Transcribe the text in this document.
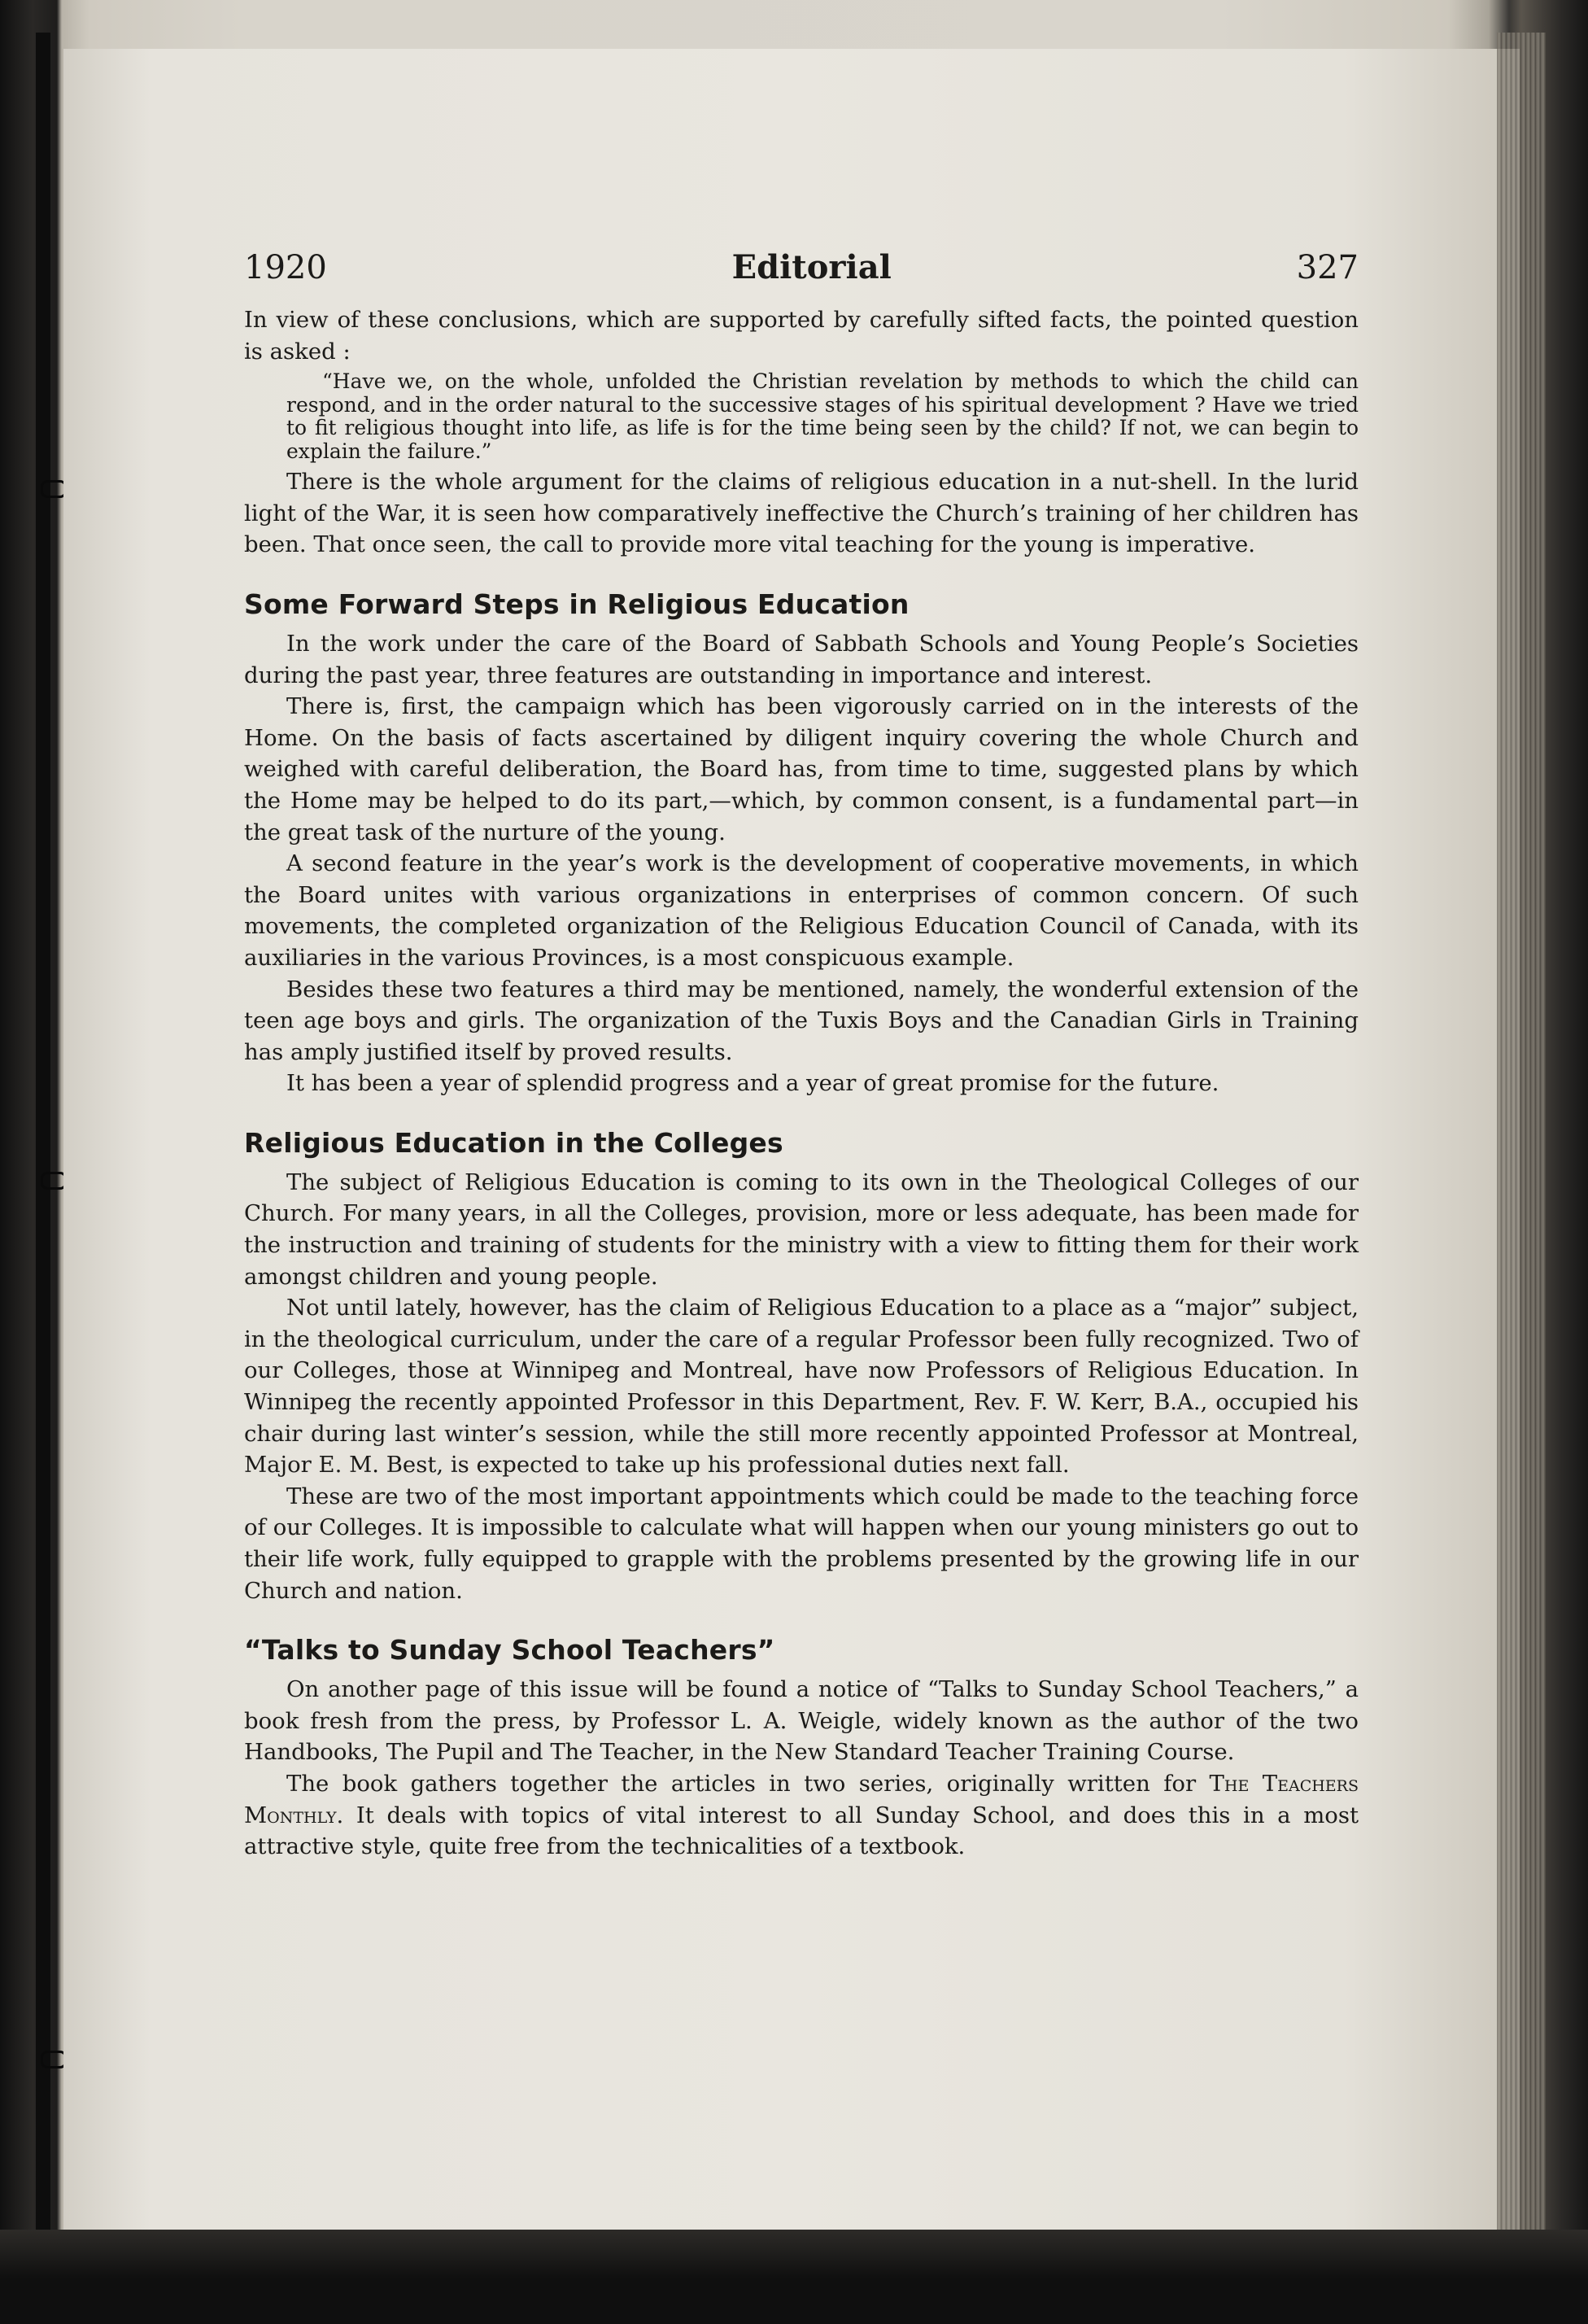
1920	Editorial	327

In view of these conclusions, which are supported by carefully sifted facts, the pointed question is asked :

“Have we, on the whole, unfolded the Christian revelation by methods to which the child can respond, and in the order natural to the successive stages of his spiritual development ? Have we tried to fit religious thought into life, as life is for the time being seen by the child? If not, we can begin to explain the failure.”

There is the whole argument for the claims of religious education in a nut-shell. In the lurid light of the War, it is seen how comparatively ineffective the Church’s training of her children has been. That once seen, the call to provide more vital teaching for the young is imperative.

Some Forward Steps in Religious Education

In the work under the care of the Board of Sabbath Schools and Young People’s Societies during the past year, three features are outstanding in importance and interest.

There is, first, the campaign which has been vigorously carried on in the interests of the Home. On the basis of facts ascertained by diligent inquiry covering the whole Church and weighed with careful deliberation, the Board has, from time to time, suggested plans by which the Home may be helped to do its part,—which, by common consent, is a fundamental part—in the great task of the nurture of the young.

A second feature in the year’s work is the development of cooperative movements, in which the Board unites with various organizations in enterprises of common concern. Of such movements, the completed organization of the Religious Education Council of Canada, with its auxiliaries in the various Provinces, is a most conspicuous example.

Besides these two features a third may be mentioned, namely, the wonderful extension of the teen age boys and girls. The organization of the Tuxis Boys and the Canadian Girls in Training has amply justified itself by proved results.

It has been a year of splendid progress and a year of great promise for the future.

Religious Education in the Colleges

The subject of Religious Education is coming to its own in the Theological Colleges of our Church. For many years, in all the Colleges, provision, more or less adequate, has been made for the instruction and training of students for the ministry with a view to fitting them for their work amongst children and young people.

Not until lately, however, has the claim of Religious Education to a place as a “major” subject, in the theological curriculum, under the care of a regular Professor been fully recognized. Two of our Colleges, those at Winnipeg and Montreal, have now Professors of Religious Education. In Winnipeg the recently appointed Professor in this Department, Rev. F. W. Kerr, B.A., occupied his chair during last winter’s session, while the still more recently appointed Professor at Montreal, Major E. M. Best, is expected to take up his professional duties next fall.

These are two of the most important appointments which could be made to the teaching force of our Colleges. It is impossible to calculate what will happen when our young ministers go out to their life work, fully equipped to grapple with the problems presented by the growing life in our Church and nation.

“Talks to Sunday School Teachers”

On another page of this issue will be found a notice of “Talks to Sunday School Teachers,” a book fresh from the press, by Professor L. A. Weigle, widely known as the author of the two Handbooks, The Pupil and The Teacher, in the New Standard Teacher Training Course.

The book gathers together the articles in two series, originally written for The Teachers Monthly. It deals with topics of vital interest to all Sunday School, and does this in a most attractive style, quite free from the technicalities of a textbook.
